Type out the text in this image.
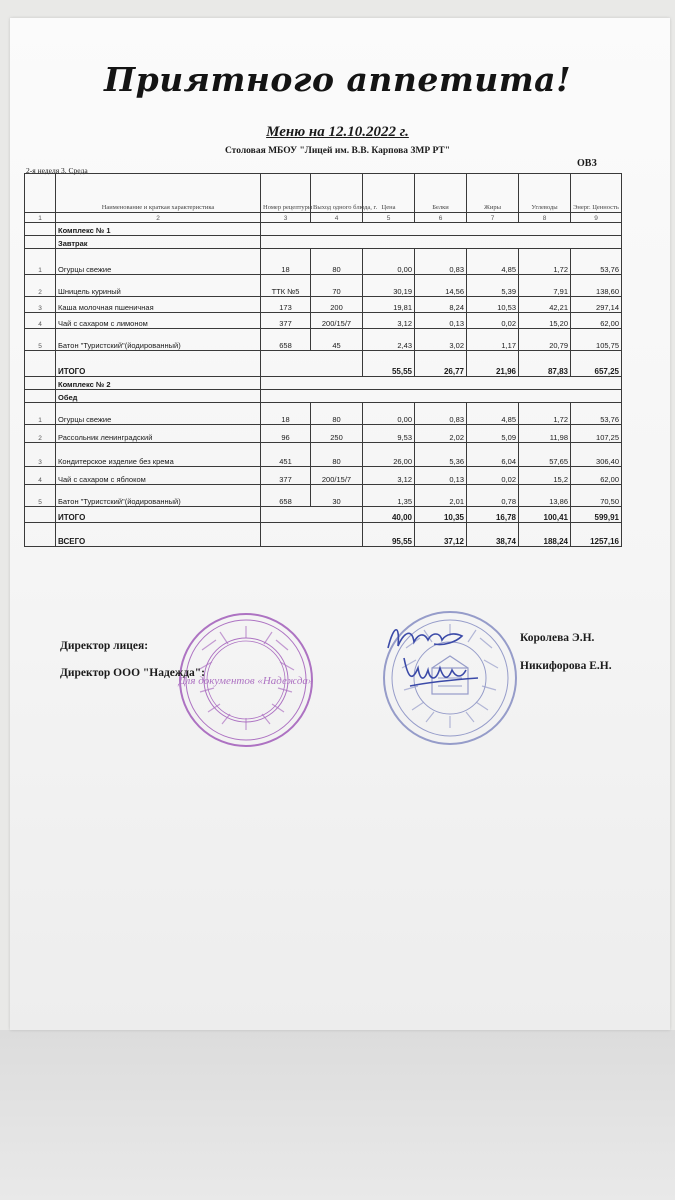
Приятного аппетита!
Меню на 12.10.2022 г.
Столовая МБОУ "Лицей им. В.В. Карпова ЗМР РТ"
2-я неделя 3. Среда
ОВЗ
	Наименование и краткая характеристика	Номер рецептуры	Выход одного блюда, г.	Цена	Белки	Жиры	Углеводы	Энерг. Ценность
1	2	3	4	5	6	7	8	9
	Комплекс № 1							
	Завтрак							
1	Огурцы свежие	18	80	0,00	0,83	4,85	1,72	53,76
2	Шницель куриный	ТТК №5	70	30,19	14,56	5,39	7,91	138,60
3	Каша молочная пшеничная	173	200	19,81	8,24	10,53	42,21	297,14
4	Чай с сахаром с лимоном	377	200/15/7	3,12	0,13	0,02	15,20	62,00
5	Батон "Туристский"(йодированный)	658	45	2,43	3,02	1,17	20,79	105,75
	ИТОГО			55,55	26,77	21,96	87,83	657,25
	Комплекс № 2							
	Обед							
1	Огурцы свежие	18	80	0,00	0,83	4,85	1,72	53,76
2	Рассольник ленинградский	96	250	9,53	2,02	5,09	11,98	107,25
3	Кондитерское изделие без крема	451	80	26,00	5,36	6,04	57,65	306,40
4	Чай с сахаром с яблоком	377	200/15/7	3,12	0,13	0,02	15,2	62,00
5	Батон "Туристский"(йодированный)	658	30	1,35	2,01	0,78	13,86	70,50
	ИТОГО			40,00	10,35	16,78	100,41	599,91
	ВСЕГО			95,55	37,12	38,74	188,24	1257,16
Для документов «Надежда»
Директор лицея:
Директор ООО "Надежда":
Королева Э.Н.
Никифорова Е.Н.
